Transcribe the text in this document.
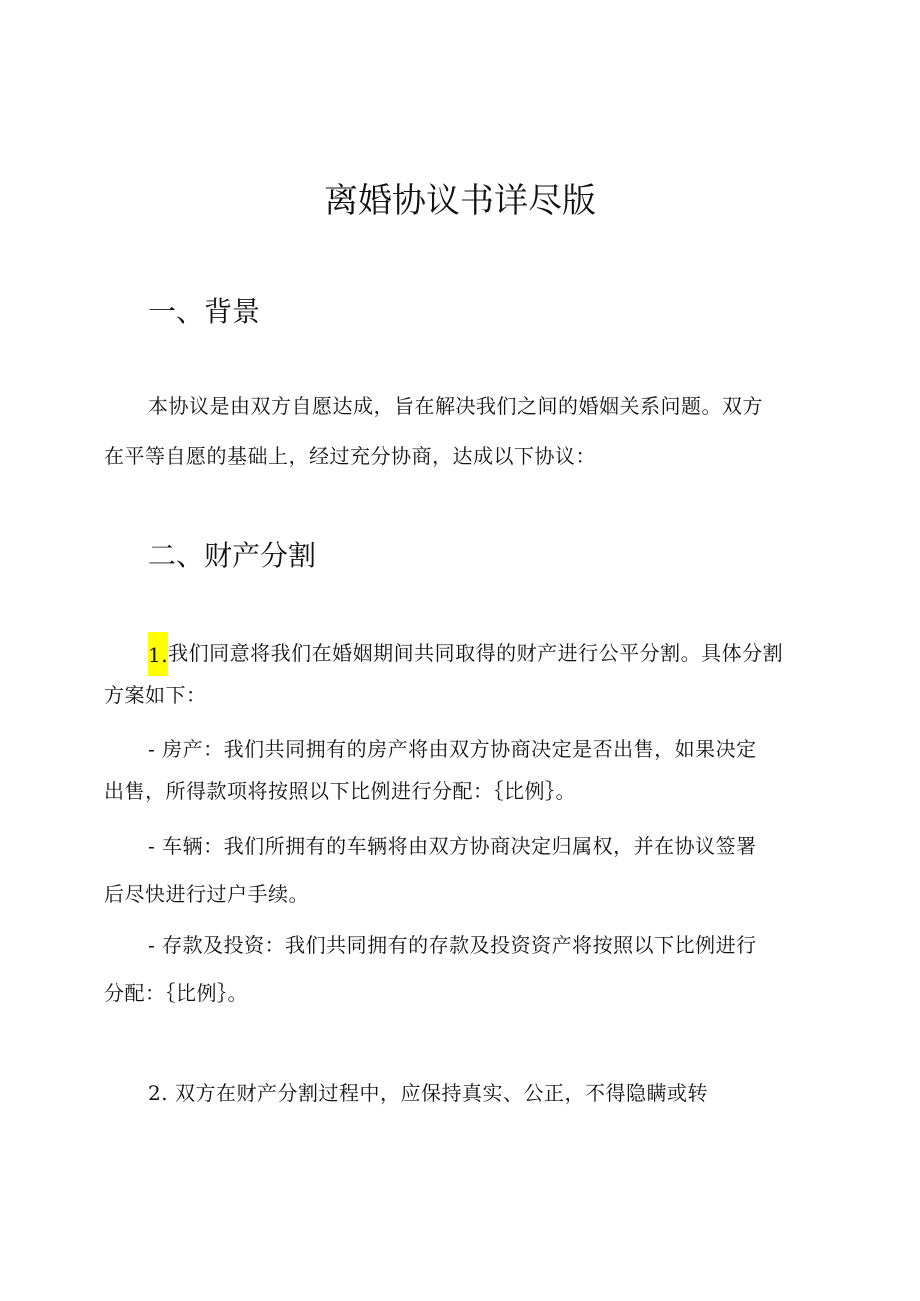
离婚协议书详尽版
一、背景
本协议是由双方自愿达成，旨在解决我们之间的婚姻关系问题。双方
在平等自愿的基础上，经过充分协商，达成以下协议：
二、财产分割
1.我们同意将我们在婚姻期间共同取得的财产进行公平分割。具体分割
方案如下：
- 房产：我们共同拥有的房产将由双方协商决定是否出售，如果决定
出售，所得款项将按照以下比例进行分配：｛比例｝。
- 车辆：我们所拥有的车辆将由双方协商决定归属权，并在协议签署
后尽快进行过户手续。
- 存款及投资：我们共同拥有的存款及投资资产将按照以下比例进行
分配：｛比例｝。
2. 双方在财产分割过程中，应保持真实、公正，不得隐瞒或转
